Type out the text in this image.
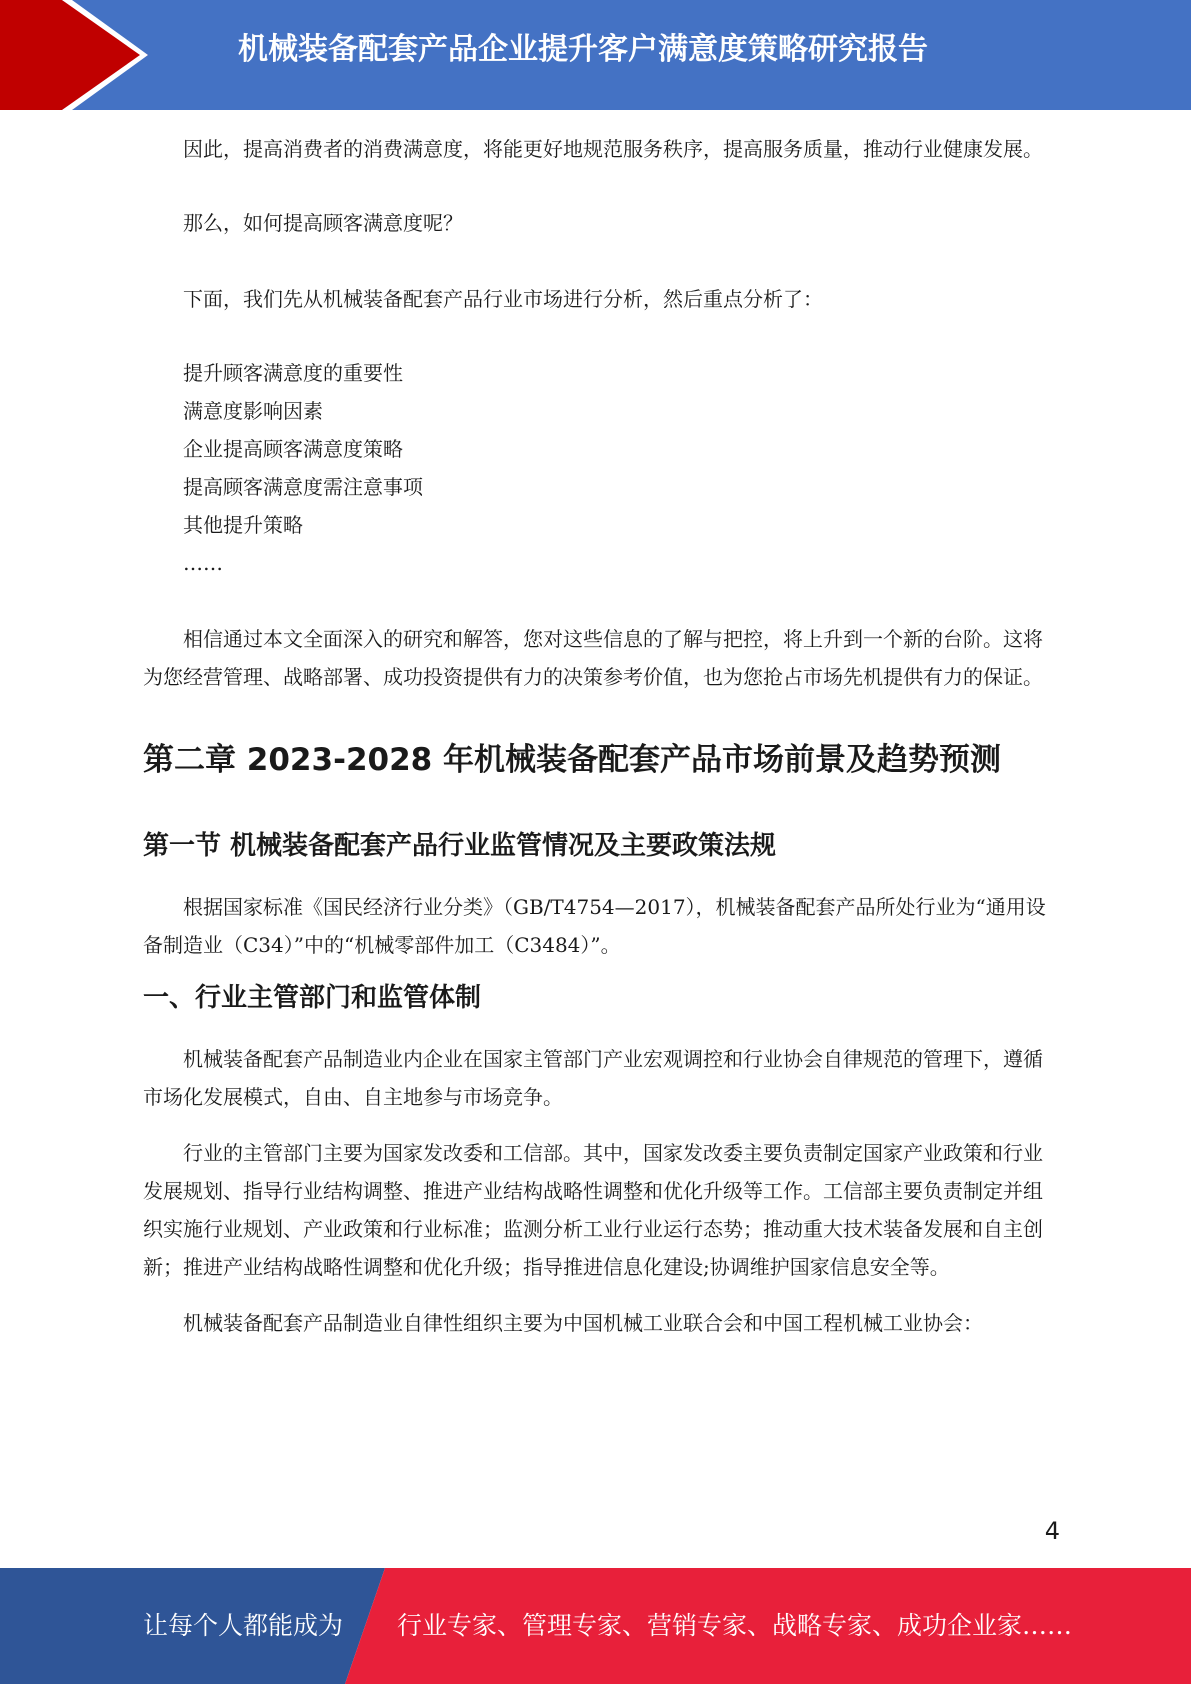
机械装备配套产品企业提升客户满意度策略研究报告

因此，提高消费者的消费满意度，将能更好地规范服务秩序，提高服务质量，推动行业健康发展。

那么，如何提高顾客满意度呢？

下面，我们先从机械装备配套产品行业市场进行分析，然后重点分析了：

提升顾客满意度的重要性
满意度影响因素
企业提高顾客满意度策略
提高顾客满意度需注意事项
其他提升策略
……

相信通过本文全面深入的研究和解答，您对这些信息的了解与把控，将上升到一个新的台阶。这将为您经营管理、战略部署、成功投资提供有力的决策参考价值，也为您抢占市场先机提供有力的保证。

第二章 2023-2028 年机械装备配套产品市场前景及趋势预测
第一节 机械装备配套产品行业监管情况及主要政策法规

根据国家标准《国民经济行业分类》（GB/T4754—2017），机械装备配套产品所处行业为“通用设备制造业（C34）”中的“机械零部件加工（C3484）”。

一、行业主管部门和监管体制

机械装备配套产品制造业内企业在国家主管部门产业宏观调控和行业协会自律规范的管理下，遵循市场化发展模式，自由、自主地参与市场竞争。

行业的主管部门主要为国家发改委和工信部。其中，国家发改委主要负责制定国家产业政策和行业发展规划、指导行业结构调整、推进产业结构战略性调整和优化升级等工作。工信部主要负责制定并组织实施行业规划、产业政策和行业标准；监测分析工业行业运行态势；推动重大技术装备发展和自主创新；推进产业结构战略性调整和优化升级；指导推进信息化建设;协调维护国家信息安全等。

机械装备配套产品制造业自律性组织主要为中国机械工业联合会和中国工程机械工业协会：

4
让每个人都能成为 行业专家、管理专家、营销专家、战略专家、成功企业家……
